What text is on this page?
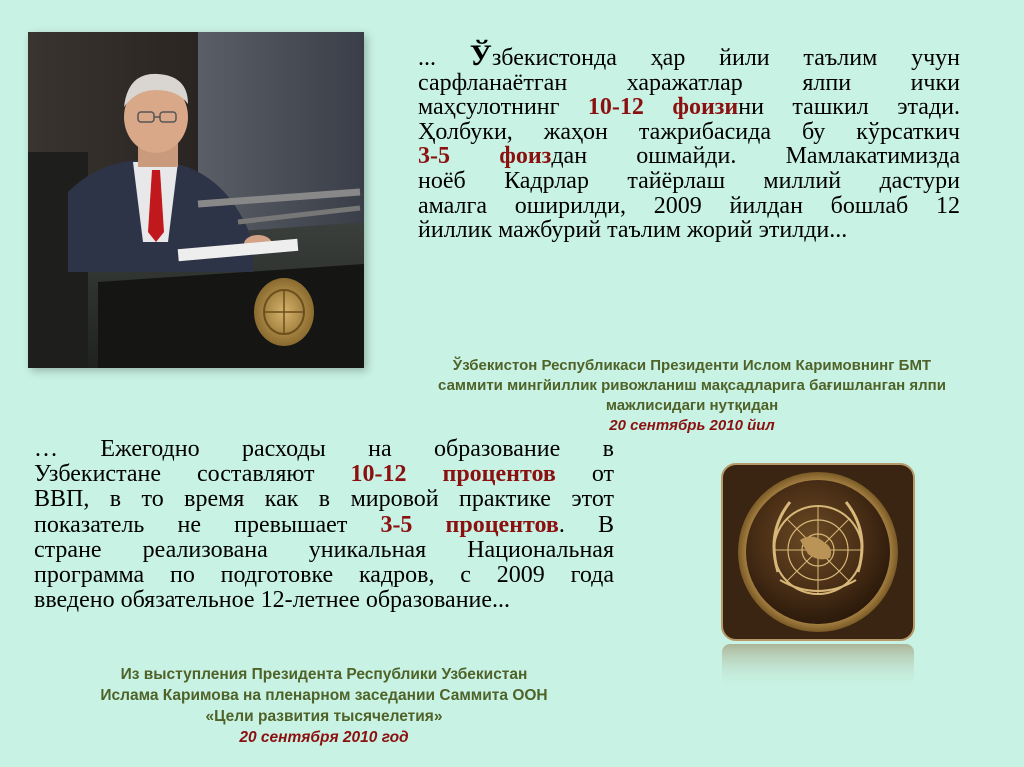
... Ўзбекистонда ҳар йили таълим учун
сарфланаётган харажатлар ялпи ички
маҳсулотнинг 10-12 фоизини ташкил этади.
Ҳолбуки, жаҳон тажрибасида бу кўрсаткич
3-5 фоиздан ошмайди. Мамлакатимизда
ноёб Кадрлар тайёрлаш миллий дастури
амалга оширилди, 2009 йилдан бошлаб 12
йиллик мажбурий таълим жорий этилди...
Ўзбекистон Республикаси Президенти Ислом Каримовнинг БМТ
саммити мингйиллик ривожланиш мақсадларига бағишланган ялпи
мажлисидаги нутқидан
20 сентябрь 2010 йил
… Ежегодно расходы на образование в
Узбекистане составляют 10-12 процентов от
ВВП, в то время как в мировой практике этот
показатель не превышает 3-5 процентов. В
стране реализована уникальная Национальная
программа по подготовке кадров, с 2009 года
введено обязательное 12-летнее образование...
Из выступления Президента Республики Узбекистан
Ислама Каримова на пленарном заседании Саммита ООН
«Цели развития тысячелетия»
20 сентября 2010 год
